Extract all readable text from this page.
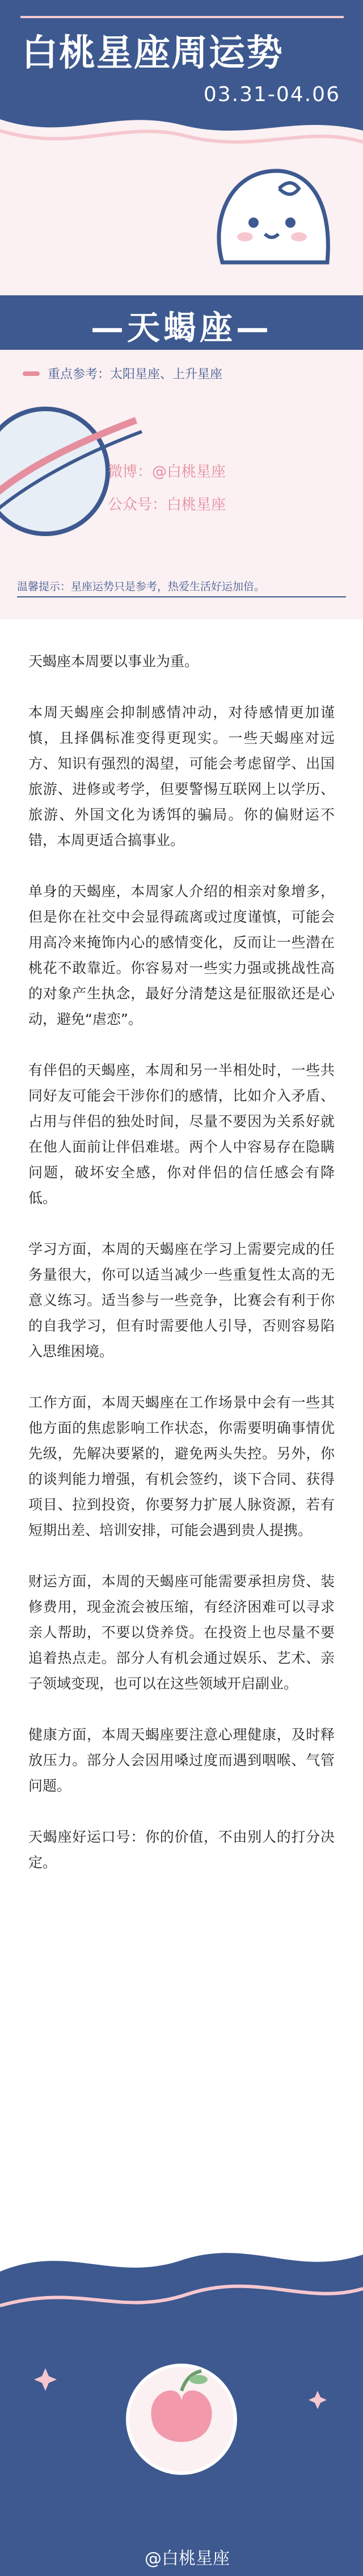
白桃星座周运势
03.31-04.06
—天蝎座—
重点参考：太阳星座、上升星座
微博：@白桃星座
公众号：白桃星座
温馨提示：星座运势只是参考，热爱生活好运加倍。

天蝎座本周要以事业为重。

本周天蝎座会抑制感情冲动，对待感情更加谨慎，且择偶标准变得更现实。一些天蝎座对远方、知识有强烈的渴望，可能会考虑留学、出国旅游、进修或考学，但要警惕互联网上以学历、旅游、外国文化为诱饵的骗局。你的偏财运不错，本周更适合搞事业。

单身的天蝎座，本周家人介绍的相亲对象增多，但是你在社交中会显得疏离或过度谨慎，可能会用高冷来掩饰内心的感情变化，反而让一些潜在桃花不敢靠近。你容易对一些实力强或挑战性高的对象产生执念，最好分清楚这是征服欲还是心动，避免“虐恋”。

有伴侣的天蝎座，本周和另一半相处时，一些共同好友可能会干涉你们的感情，比如介入矛盾、占用与伴侣的独处时间，尽量不要因为关系好就在他人面前让伴侣难堪。两个人中容易存在隐瞒问题，破坏安全感，你对伴侣的信任感会有降低。

学习方面，本周的天蝎座在学习上需要完成的任务量很大，你可以适当减少一些重复性太高的无意义练习。适当参与一些竞争，比赛会有利于你的自我学习，但有时需要他人引导，否则容易陷入思维困境。

工作方面，本周天蝎座在工作场景中会有一些其他方面的焦虑影响工作状态，你需要明确事情优先级，先解决要紧的，避免两头失控。另外，你的谈判能力增强，有机会签约，谈下合同、获得项目、拉到投资，你要努力扩展人脉资源，若有短期出差、培训安排，可能会遇到贵人提携。

财运方面，本周的天蝎座可能需要承担房贷、装修费用，现金流会被压缩，有经济困难可以寻求亲人帮助，不要以贷养贷。在投资上也尽量不要追着热点走。部分人有机会通过娱乐、艺术、亲子领域变现，也可以在这些领域开启副业。

健康方面，本周天蝎座要注意心理健康，及时释放压力。部分人会因用嗓过度而遇到咽喉、气管问题。

天蝎座好运口号：你的价值，不由别人的打分决定。

@白桃星座
